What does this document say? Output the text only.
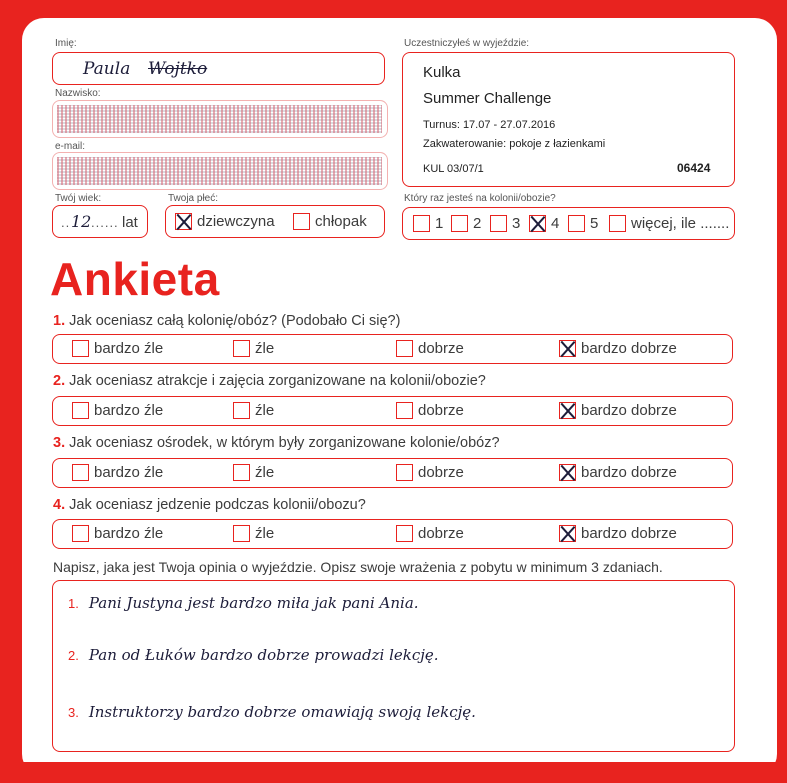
Imię:
Paula Wojtko
Nazwisko:
e-mail:
Twój wiek:
.. 12 ...... lat
Twoja płeć:
dziewczyna	chłopak
Uczestniczyłeś w wyjeździe:
Kulka
Summer Challenge
Turnus: 17.07 - 27.07.2016
Zakwaterowanie: pokoje z łazienkami
KUL 03/07/1	06424
Który raz jesteś na kolonii/obozie?
1 2 3 4 5 więcej, ile .......
Ankieta
1. Jak oceniasz całą kolonię/obóz? (Podobało Ci się?)
bardzo źle	źle	dobrze	bardzo dobrze
2. Jak oceniasz atrakcje i zajęcia zorganizowane na kolonii/obozie?
bardzo źle	źle	dobrze	bardzo dobrze
3. Jak oceniasz ośrodek, w którym były zorganizowane kolonie/obóz?
bardzo źle	źle	dobrze	bardzo dobrze
4. Jak oceniasz jedzenie podczas kolonii/obozu?
bardzo źle	źle	dobrze	bardzo dobrze
Napisz, jaka jest Twoja opinia o wyjeździe. Opisz swoje wrażenia z pobytu w minimum 3 zdaniach.
1. Pani Justyna jest bardzo miła jak pani Ania.
2. Pan od Łuków bardzo dobrze prowadzi lekcję.
3. Instruktorzy bardzo dobrze omawiają swoją lekcję.
